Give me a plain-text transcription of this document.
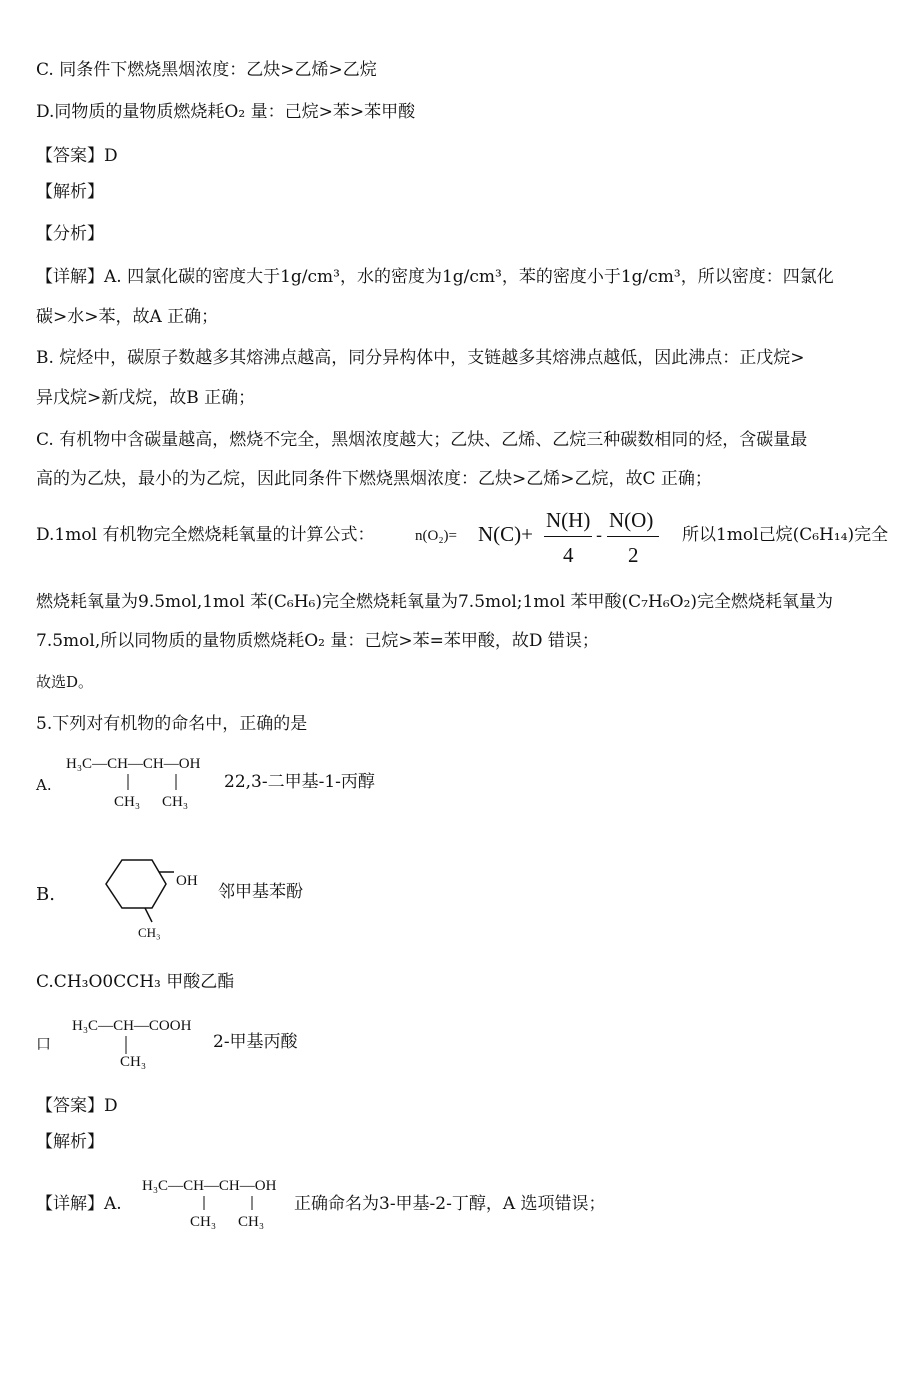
C. 同条件下燃烧黑烟浓度：乙炔>乙烯>乙烷
D.同物质的量物质燃烧耗O₂ 量：己烷>苯>苯甲酸
【答案】D
【解析】
【分析】
【详解】A. 四氯化碳的密度大于1g/cm³，水的密度为1g/cm³，苯的密度小于1g/cm³，所以密度：四氯化
碳>水>苯，故A 正确；
B. 烷烃中，碳原子数越多其熔沸点越高，同分异构体中，支链越多其熔沸点越低，因此沸点：正戊烷>
异戊烷>新戊烷，故B 正确；
C. 有机物中含碳量越高，燃烧不完全，黑烟浓度越大；乙炔、乙烯、乙烷三种碳数相同的烃，含碳量最
高的为乙炔，最小的为乙烷，因此同条件下燃烧黑烟浓度：乙炔>乙烯>乙烷，故C 正确；
D.1mol 有机物完全燃烧耗氧量的计算公式：	n(O₂)= N(C)+
N(H)
4
-
N(O)
2
所以1mol己烷(C₆H₁₄)完全
燃烧耗氧量为9.5mol,1mol 苯(C₆H₆)完全燃烧耗氧量为7.5mol;1mol 苯甲酸(C₇H₆O₂)完全燃烧耗氧量为
7.5mol,所以同物质的量物质燃烧耗O₂ 量：己烷>苯=苯甲酸，故D 错误；
故选D。
5.下列对有机物的命名中，正确的是
A.
H₃C—CH—CH—OH
CH₃ CH₃
22,3-二甲基-1-丙醇
B.
OH
CH₃
邻甲基苯酚
C.CH₃O0CCH₃ 甲酸乙酯
口
H₃C—CH—COOH
CH₃
2-甲基丙酸
【答案】D
【解析】
【详解】A.
H₃C—CH—CH—OH
CH₃ CH₃
正确命名为3-甲基-2-丁醇，A 选项错误；
